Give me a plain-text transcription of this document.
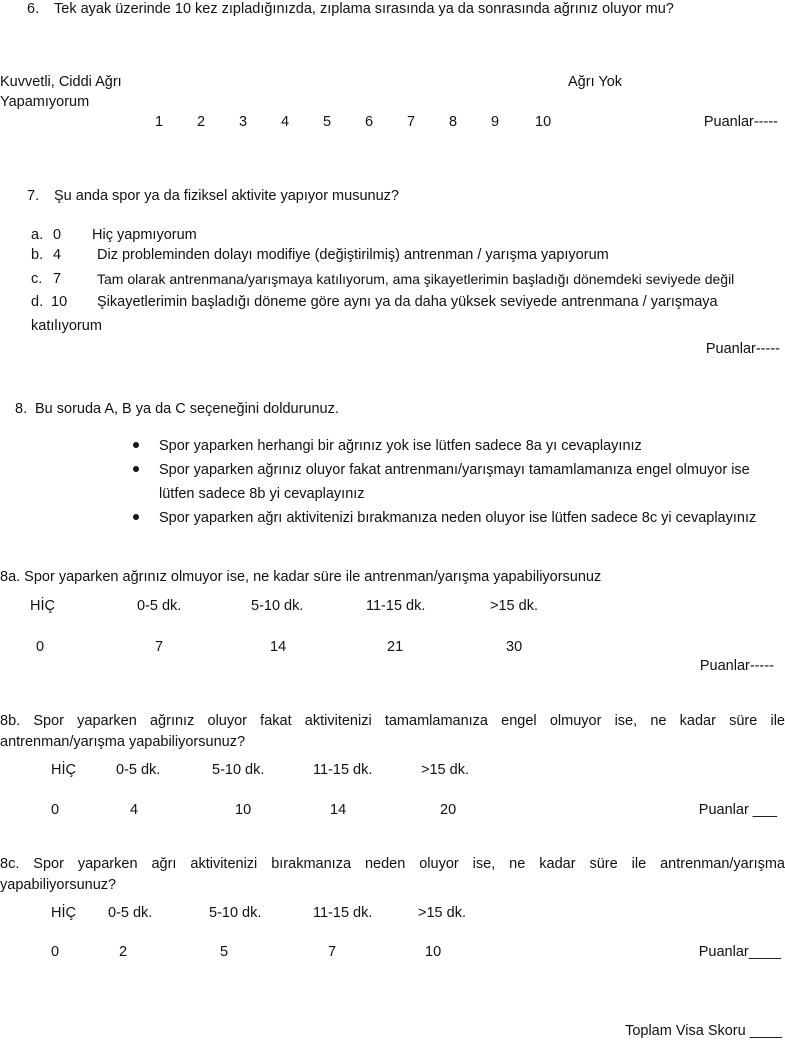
6. Tek ayak üzerinde 10 kez zıpladığınızda, zıplama sırasında ya da sonrasında ağrınız oluyor mu?
Kuvvetli, Ciddi Ağrı
Yapamıyorum
Ağrı Yok
1 2 3 4 5 6 7 8 9 10	Puanlar-----
7. Şu anda spor ya da fiziksel aktivite yapıyor musunuz?
a. 0 Hiç yapmıyorum
b. 4 Diz probleminden dolayı modifiye (değiştirilmiş) antrenman / yarışma yapıyorum
c. 7	Tam olarak antrenmana/yarışmaya katılıyorum, ama şikayetlerimin başladığı dönemdeki seviyede değil
d. 10 Şikayetlerimin başladığı döneme göre aynı ya da daha yüksek seviyede antrenmana / yarışmaya
katılıyorum
Puanlar-----
8. Bu soruda A, B ya da C seçeneğini doldurunuz.
Spor yaparken herhangi bir ağrınız yok ise lütfen sadece 8a yı cevaplayınız
Spor yaparken ağrınız oluyor fakat antrenmanı/yarışmayı tamamlamanıza engel olmuyor ise
lütfen sadece 8b yi cevaplayınız
Spor yaparken ağrı aktivitenizi bırakmanıza neden oluyor ise lütfen sadece 8c yi cevaplayınız
8a. Spor yaparken ağrınız olmuyor ise, ne kadar süre ile antrenman/yarışma yapabiliyorsunuz
HİÇ	0-5 dk.	5-10 dk.	11-15 dk.	>15 dk.
0	7	14	21	30
Puanlar-----
8b. Spor yaparken ağrınız oluyor fakat aktivitenizi tamamlamanıza engel olmuyor ise, ne kadar süre ile
antrenman/yarışma yapabiliyorsunuz?
HİÇ	0-5 dk.	5-10 dk.	11-15 dk.	>15 dk.
0	4	10	14	20	Puanlar ___
8c. Spor yaparken ağrı aktivitenizi bırakmanıza neden oluyor ise, ne kadar süre ile antrenman/yarışma
yapabiliyorsunuz?
HİÇ 0-5 dk.	5-10 dk.	11-15 dk.	>15 dk.
0	2	5	7	10	Puanlar____
Toplam Visa Skoru ____
